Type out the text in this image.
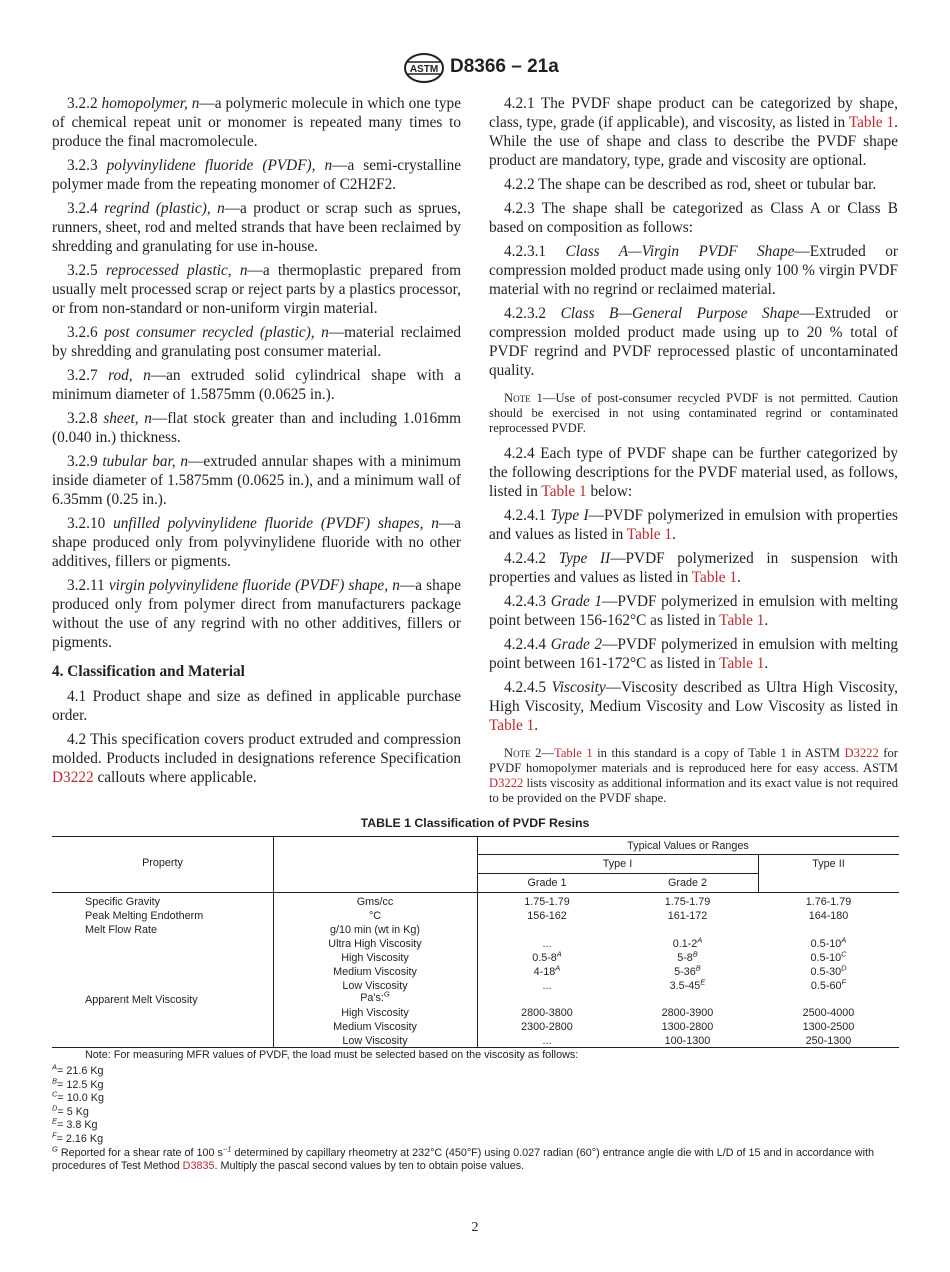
ASTM D8366 – 21a

3.2.2 homopolymer, n—a polymeric molecule in which one type of chemical repeat unit or monomer is repeated many times to produce the final macromolecule.

3.2.3 polyvinylidene fluoride (PVDF), n—a semi-crystalline polymer made from the repeating monomer of C2H2F2.

3.2.4 regrind (plastic), n—a product or scrap such as sprues, runners, sheet, rod and melted strands that have been reclaimed by shredding and granulating for use in-house.

3.2.5 reprocessed plastic, n—a thermoplastic prepared from usually melt processed scrap or reject parts by a plastics processor, or from non-standard or non-uniform virgin material.

3.2.6 post consumer recycled (plastic), n—material reclaimed by shredding and granulating post consumer material.

3.2.7 rod, n—an extruded solid cylindrical shape with a minimum diameter of 1.5875mm (0.0625 in.).

3.2.8 sheet, n—flat stock greater than and including 1.016mm (0.040 in.) thickness.

3.2.9 tubular bar, n—extruded annular shapes with a minimum inside diameter of 1.5875mm (0.0625 in.), and a minimum wall of 6.35mm (0.25 in.).

3.2.10 unfilled polyvinylidene fluoride (PVDF) shapes, n—a shape produced only from polyvinylidene fluoride with no other additives, fillers or pigments.

3.2.11 virgin polyvinylidene fluoride (PVDF) shape, n—a shape produced only from polymer direct from manufacturers package without the use of any regrind with no other additives, fillers or pigments.

4. Classification and Material

4.1 Product shape and size as defined in applicable purchase order.

4.2 This specification covers product extruded and compression molded. Products included in designations reference Specification D3222 callouts where applicable.

4.2.1 The PVDF shape product can be categorized by shape, class, type, grade (if applicable), and viscosity, as listed in Table 1. While the use of shape and class to describe the PVDF shape product are mandatory, type, grade and viscosity are optional.

4.2.2 The shape can be described as rod, sheet or tubular bar.

4.2.3 The shape shall be categorized as Class A or Class B based on composition as follows:

4.2.3.1 Class A—Virgin PVDF Shape—Extruded or compression molded product made using only 100 % virgin PVDF material with no regrind or reclaimed material.

4.2.3.2 Class B—General Purpose Shape—Extruded or compression molded product made using up to 20 % total of PVDF regrind and PVDF reprocessed plastic of uncontaminated quality.

Note 1—Use of post-consumer recycled PVDF is not permitted. Caution should be exercised in not using contaminated regrind or contaminated reprocessed PVDF.

4.2.4 Each type of PVDF shape can be further categorized by the following descriptions for the PVDF material used, as follows, listed in Table 1 below:

4.2.4.1 Type I—PVDF polymerized in emulsion with properties and values as listed in Table 1.

4.2.4.2 Type II—PVDF polymerized in suspension with properties and values as listed in Table 1.

4.2.4.3 Grade 1—PVDF polymerized in emulsion with melting point between 156-162°C as listed in Table 1.

4.2.4.4 Grade 2—PVDF polymerized in emulsion with melting point between 161-172°C as listed in Table 1.

4.2.4.5 Viscosity—Viscosity described as Ultra High Viscosity, High Viscosity, Medium Viscosity and Low Viscosity as listed in Table 1.

Note 2—Table 1 in this standard is a copy of Table 1 in ASTM D3222 for PVDF homopolymer materials and is reproduced here for easy access. ASTM D3222 lists viscosity as additional information and its exact value is not required to be provided on the PVDF shape.

TABLE 1 Classification of PVDF Resins
Property
Typical Values or Ranges
Type I	Type II
Grade 1	Grade 2
Specific Gravity	Gms/cc	1.75-1.79	1.75-1.79	1.76-1.79
Peak Melting Endotherm	°C	156-162	161-172	164-180
Melt Flow Rate	g/10 min (wt in Kg)
Ultra High Viscosity	...	$0.1-2^A$	$0.5-10^A$
High Viscosity	$0.5-8^A$	$5-8^B$	$0.5-10^C$
Medium Viscosity	$4-18^A$	$5-36^B$	$0.5-30^D$
Low Viscosity	...	$3.5-45^E$	$0.5-60^F$
Apparent Melt Viscosity	Pa's:$^G$
High Viscosity	2800-3800	2800-3900	2500-4000
Medium Viscosity	2300-2800	1300-2800	1300-2500
Low Viscosity	...	100-1300	250-1300
Note: For measuring MFR values of PVDF, the load must be selected based on the viscosity as follows:

$^A$= 21.6 Kg

$^B$= 12.5 Kg

$^C$= 10.0 Kg

$^D$= 5 Kg

$^E$= 3.8 Kg

$^F$= 2.16 Kg

$^G$ Reported for a shear rate of 100 $s^{-1}$ determined by capillary rheometry at 232°C (450°F) using 0.027 radian (60°) entrance angle die with L/D of 15 and in accordance with procedures of Test Method D3835. Multiply the pascal second values by ten to obtain poise values.

2
